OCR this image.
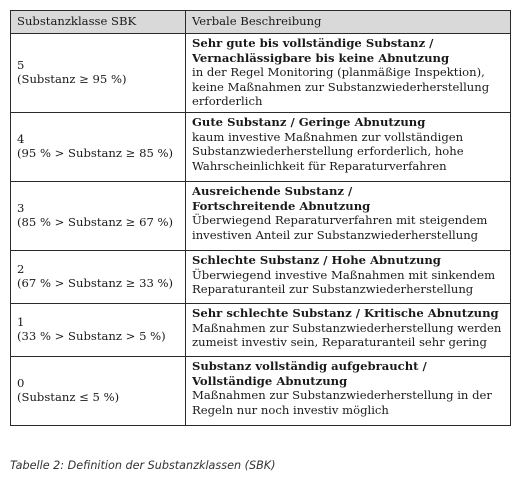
Substanzklasse SBK	Verbale Beschreibung

5
(Substanz ≥ 95 %)	Sehr gute bis vollständige Substanz /
Vernachlässigbare bis keine Abnutzung
in der Regel Monitoring (planmäßige Inspektion),
keine Maßnahmen zur Substanzwiederherstellung
erforderlich

4
(95 % > Substanz ≥ 85 %)	Gute Substanz / Geringe Abnutzung
kaum investive Maßnahmen zur vollständigen
Substanzwiederherstellung erforderlich, hohe
Wahrscheinlichkeit für Reparaturverfahren

3
(85 % > Substanz ≥ 67 %)	Ausreichende Substanz /
Fortschreitende Abnutzung
Überwiegend Reparaturverfahren mit steigendem
investiven Anteil zur Substanzwiederherstellung

2
(67 % > Substanz ≥ 33 %)	Schlechte Substanz / Hohe Abnutzung
Überwiegend investive Maßnahmen mit sinkendem
Reparaturanteil zur Substanzwiederherstellung

1
(33 % > Substanz > 5 %)	Sehr schlechte Substanz / Kritische Abnutzung
Maßnahmen zur Substanzwiederherstellung werden
zumeist investiv sein, Reparaturanteil sehr gering

0
(Substanz ≤ 5 %)	Substanz vollständig aufgebraucht /
Vollständige Abnutzung
Maßnahmen zur Substanzwiederherstellung in der
Regeln nur noch investiv möglich
Tabelle 2: Definition der Substanzklassen (SBK)
